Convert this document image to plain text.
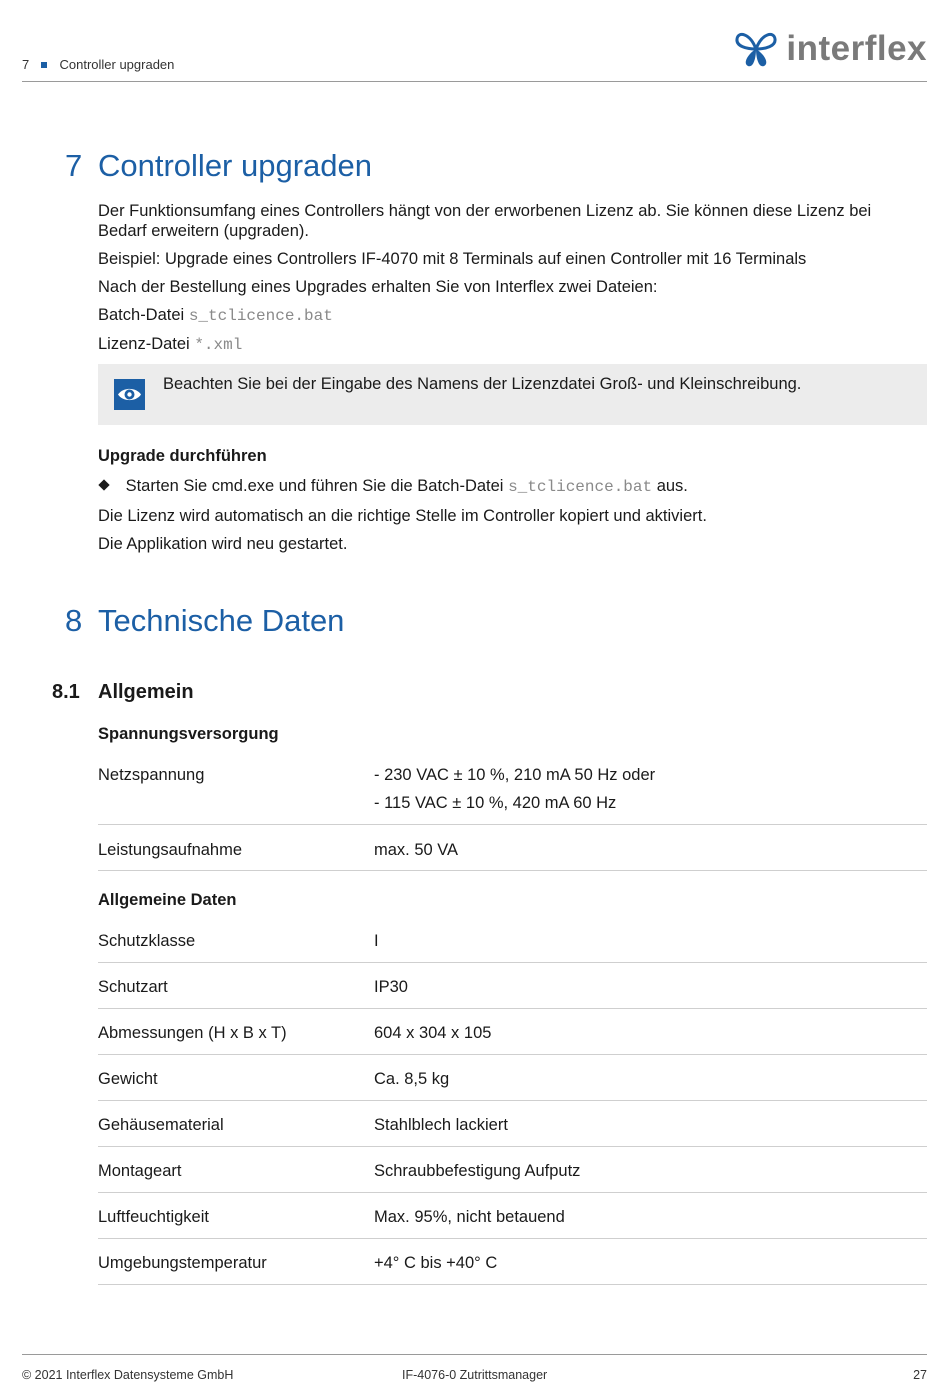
7 Controller upgraden	interflex
7 Controller upgraden
Der Funktionsumfang eines Controllers hängt von der erworbenen Lizenz ab. Sie können diese Lizenz bei Bedarf erweitern (upgraden).
Beispiel: Upgrade eines Controllers IF-4070 mit 8 Terminals auf einen Controller mit 16 Terminals
Nach der Bestellung eines Upgrades erhalten Sie von Interflex zwei Dateien:
Batch-Datei s_tclicence.bat
Lizenz-Datei *.xml
Beachten Sie bei der Eingabe des Namens der Lizenzdatei Groß- und Kleinschreibung.
Upgrade durchführen
Starten Sie cmd.exe und führen Sie die Batch-Datei s_tclicence.bat aus.
Die Lizenz wird automatisch an die richtige Stelle im Controller kopiert und aktiviert.
Die Applikation wird neu gestartet.
8 Technische Daten
8.1 Allgemein
Spannungsversorgung
Netzspannung	- 230 VAC ± 10 %, 210 mA 50 Hz oder
- 115 VAC ± 10 %, 420 mA 60 Hz
Leistungsaufnahme	max. 50 VA
Allgemeine Daten
Schutzklasse	I
Schutzart	IP30
Abmessungen (H x B x T)	604 x 304 x 105
Gewicht	Ca. 8,5 kg
Gehäusematerial	Stahlblech lackiert
Montageart	Schraubbefestigung Aufputz
Luftfeuchtigkeit	Max. 95%, nicht betauend
Umgebungstemperatur	+4° C bis +40° C
© 2021 Interflex Datensysteme GmbH	IF-4076-0 Zutrittsmanager	27
